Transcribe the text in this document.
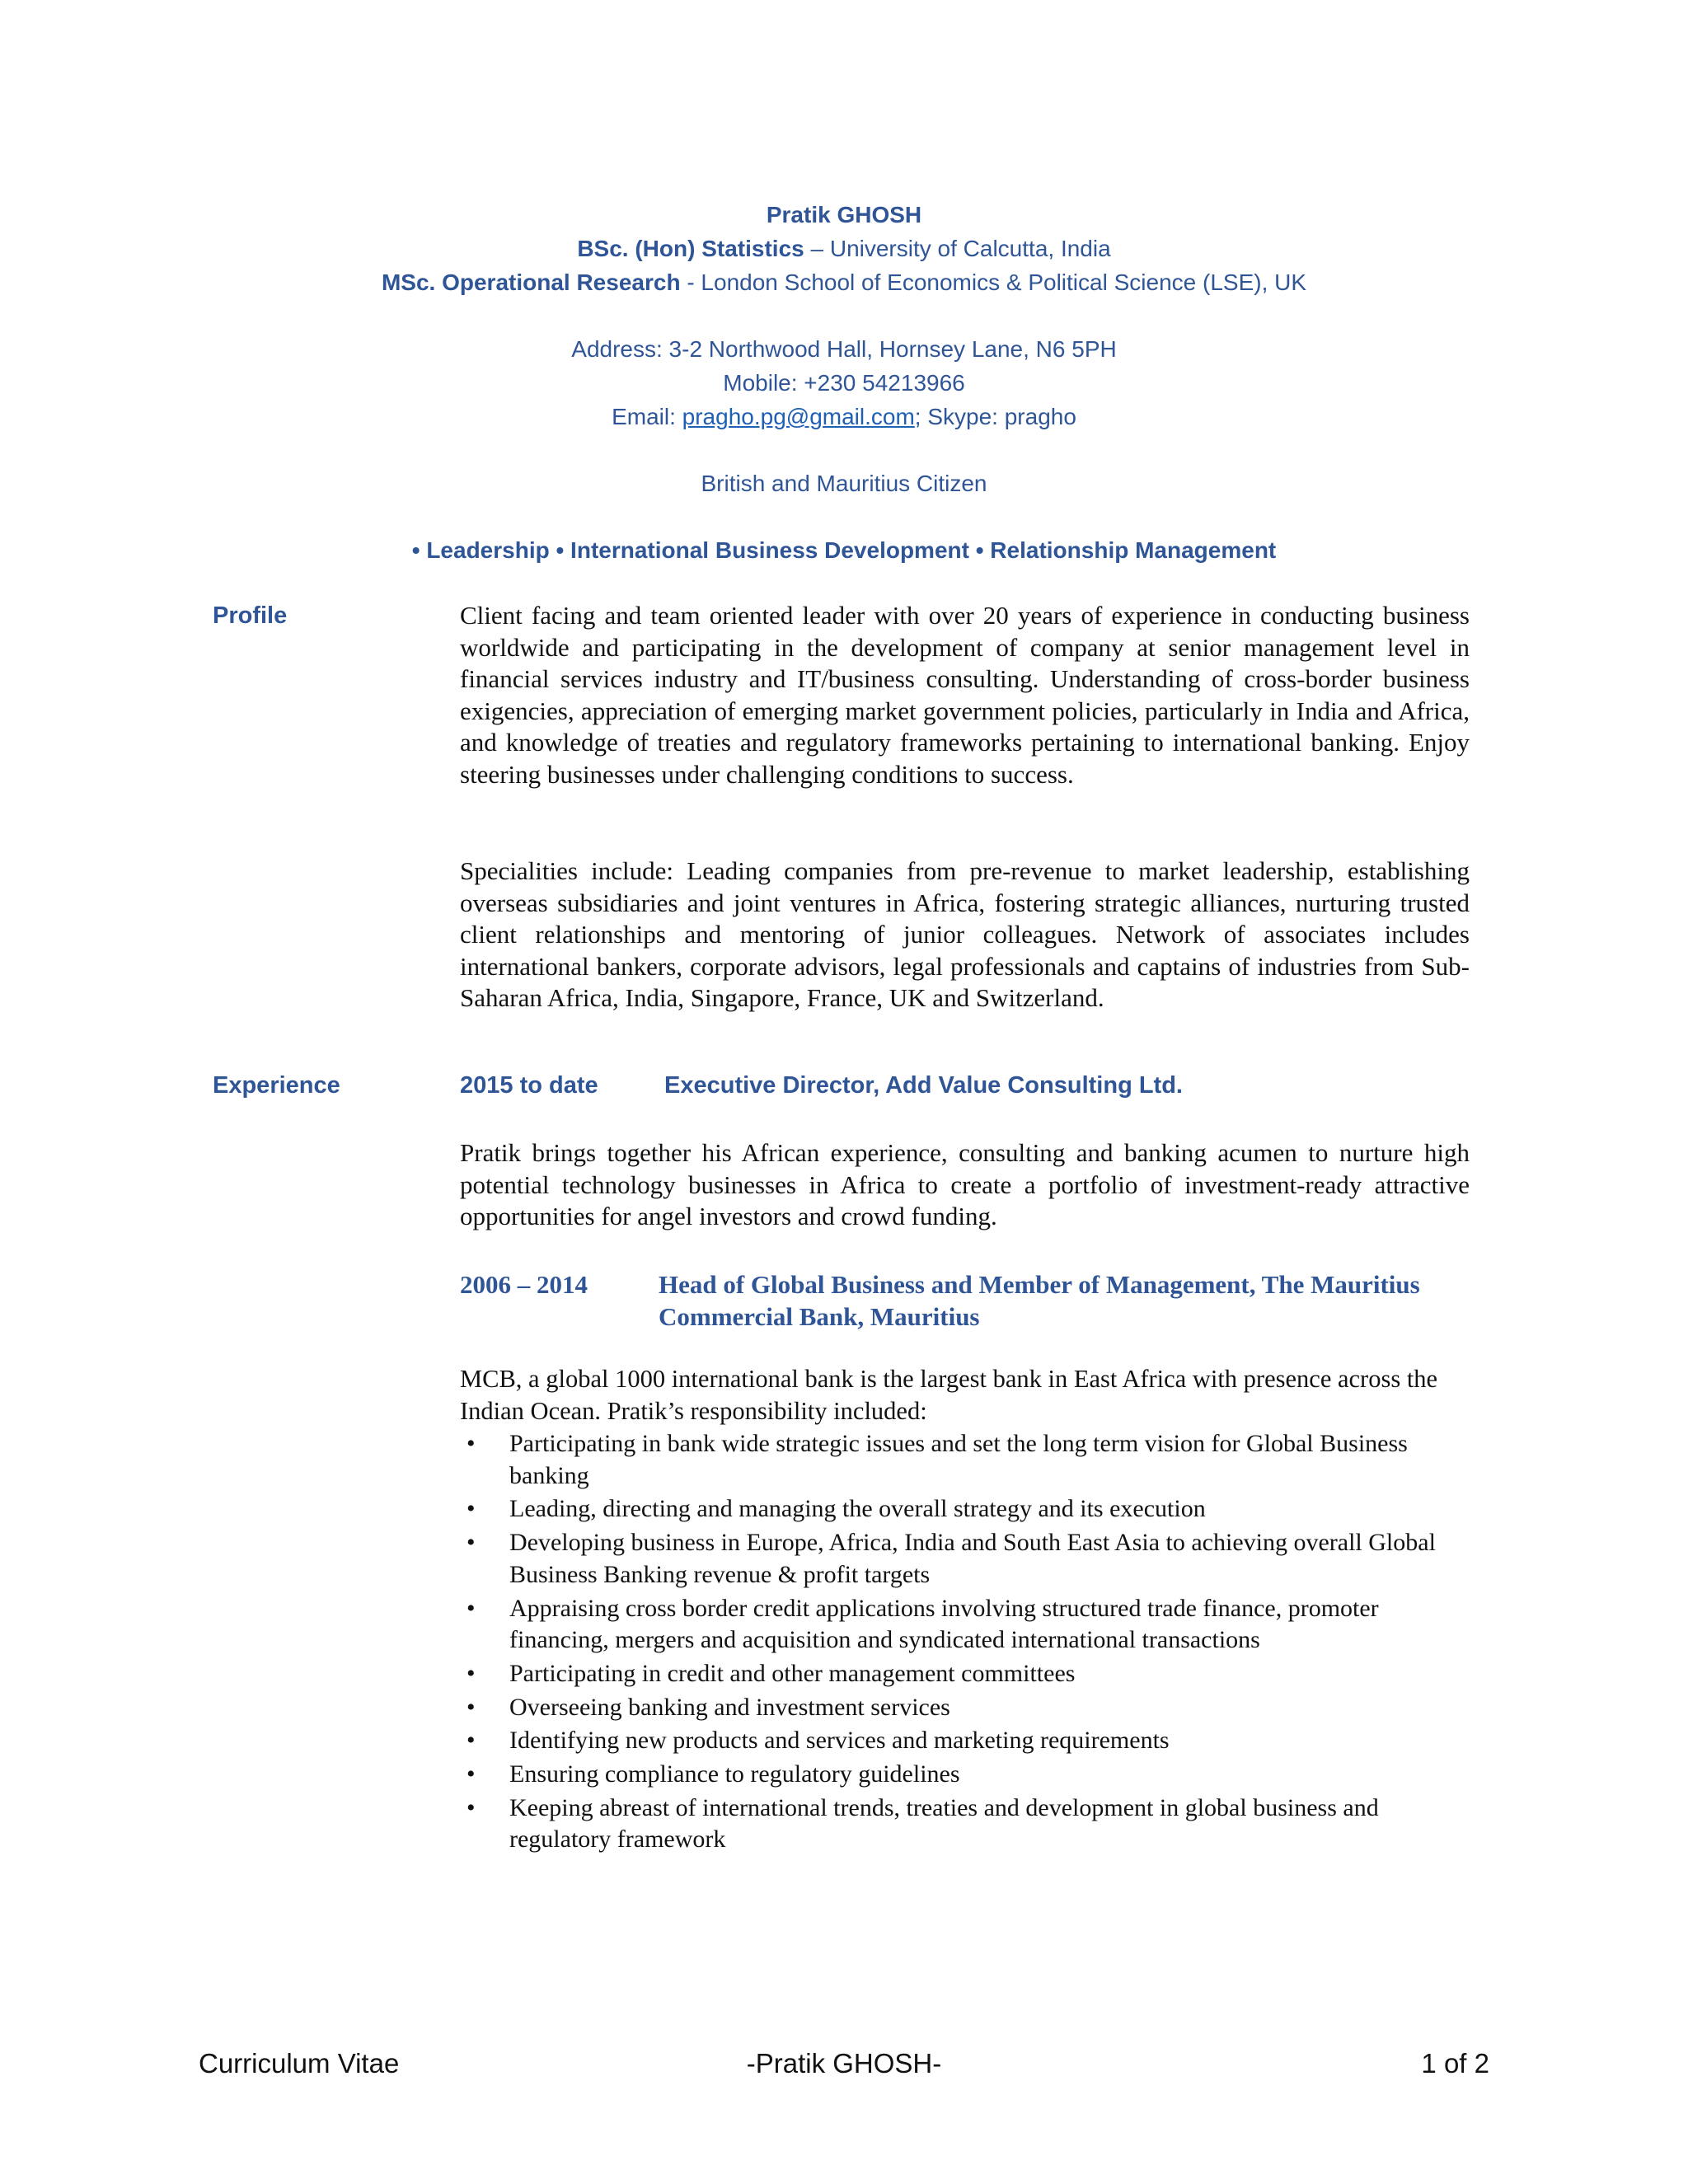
Pratik GHOSH
BSc. (Hon) Statistics – University of Calcutta, India
MSc. Operational Research - London School of Economics & Political Science (LSE), UK
Address: 3-2 Northwood Hall, Hornsey Lane, N6 5PH
Mobile: +230 54213966
Email: pragho.pg@gmail.com; Skype: pragho
British and Mauritius Citizen
• Leadership • International Business Development • Relationship Management
Profile	Client facing and team oriented leader with over 20 years of experience in conducting business worldwide and participating in the development of company at senior management level in financial services industry and IT/business consulting. Understanding of cross-border business exigencies, appreciation of emerging market government policies, particularly in India and Africa, and knowledge of treaties and regulatory frameworks pertaining to international banking. Enjoy steering businesses under challenging conditions to success.
Specialities include: Leading companies from pre-revenue to market leadership, establishing overseas subsidiaries and joint ventures in Africa, fostering strategic alliances, nurturing trusted client relationships and mentoring of junior colleagues. Network of associates includes international bankers, corporate advisors, legal professionals and captains of industries from Sub-Saharan Africa, India, Singapore, France, UK and Switzerland.
Experience	2015 to date	Executive Director, Add Value Consulting Ltd.
Pratik brings together his African experience, consulting and banking acumen to nurture high potential technology businesses in Africa to create a portfolio of investment-ready attractive opportunities for angel investors and crowd funding.
2006 – 2014	Head of Global Business and Member of Management, The Mauritius Commercial Bank, Mauritius
MCB, a global 1000 international bank is the largest bank in East Africa with presence across the Indian Ocean. Pratik’s responsibility included:
• Participating in bank wide strategic issues and set the long term vision for Global Business banking
• Leading, directing and managing the overall strategy and its execution
• Developing business in Europe, Africa, India and South East Asia to achieving overall Global Business Banking revenue & profit targets
• Appraising cross border credit applications involving structured trade finance, promoter financing, mergers and acquisition and syndicated international transactions
• Participating in credit and other management committees
• Overseeing banking and investment services
• Identifying new products and services and marketing requirements
• Ensuring compliance to regulatory guidelines
• Keeping abreast of international trends, treaties and development in global business and regulatory framework
Curriculum Vitae	-Pratik GHOSH-	1 of 2
